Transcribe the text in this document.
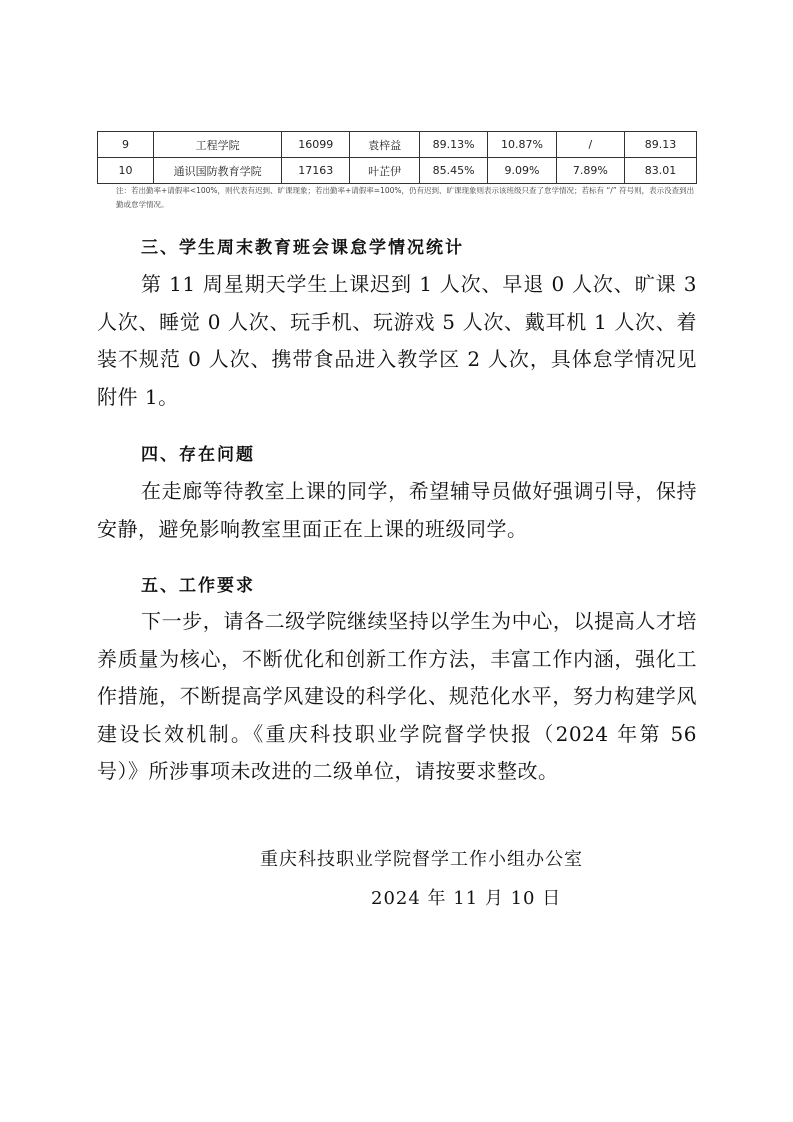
9	工程学院	16099	袁梓益	89.13%	10.87%	/	89.13
10	通识国防教育学院	17163	叶芷伊	85.45%	9.09%	7.89%	83.01
注：若出勤率+请假率<100%，则代表有迟到、旷课现象；若出勤率+请假率=100%，仍有迟到、旷课现象则表示该班级只查了怠学情况；若标有 “/” 符号则，表示没查到出勤或怠学情况。
三、学生周末教育班会课怠学情况统计
第 11 周星期天学生上课迟到 1 人次、早退 0 人次、旷课 3 人次、睡觉 0 人次、玩手机、玩游戏 5 人次、戴耳机 1 人次、着装不规范 0 人次、携带食品进入教学区 2 人次，具体怠学情况见附件 1。
四、存在问题
在走廊等待教室上课的同学，希望辅导员做好强调引导，保持安静，避免影响教室里面正在上课的班级同学。
五、工作要求
下一步，请各二级学院继续坚持以学生为中心，以提高人才培养质量为核心，不断优化和创新工作方法，丰富工作内涵，强化工作措施，不断提高学风建设的科学化、规范化水平，努力构建学风建设长效机制。《重庆科技职业学院督学快报（2024 年第 56 号）》所涉事项未改进的二级单位，请按要求整改。
重庆科技职业学院督学工作小组办公室
2024 年 11 月 10 日
